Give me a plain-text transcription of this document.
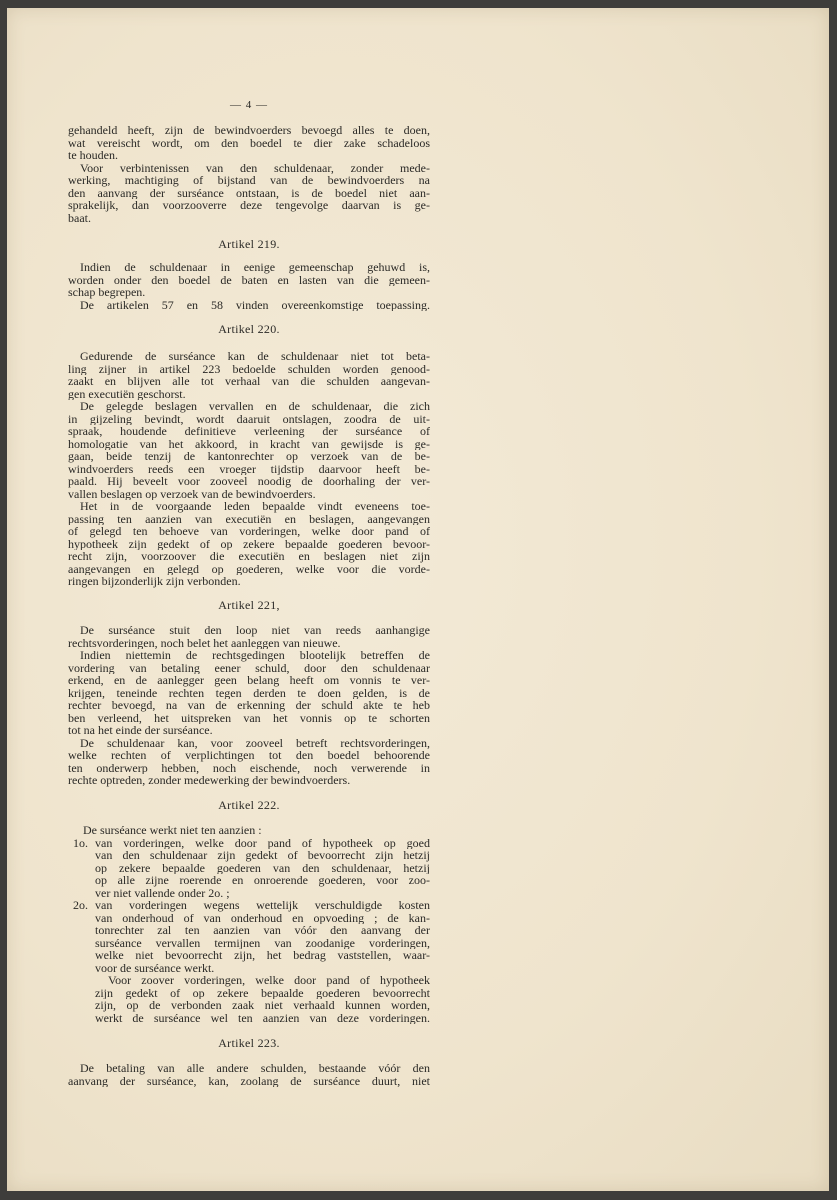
— 4 —
gehandeld heeft, zijn de bewindvoerders bevoegd alles te doen,
wat vereischt wordt, om den boedel te dier zake schadeloos
te houden.
Voor verbintenissen van den schuldenaar, zonder mede-
werking, machtiging of bijstand van de bewindvoerders na
den aanvang der surséance ontstaan, is de boedel niet aan-
sprakelijk, dan voorzooverre deze tengevolge daarvan is ge-
baat.
Artikel 219.
Indien de schuldenaar in eenige gemeenschap gehuwd is,
worden onder den boedel de baten en lasten van die gemeen-
schap begrepen.
De artikelen 57 en 58 vinden overeenkomstige toepassing.
Artikel 220.
Gedurende de surséance kan de schuldenaar niet tot beta-
ling zijner in artikel 223 bedoelde schulden worden genood-
zaakt en blijven alle tot verhaal van die schulden aangevan-
gen executiën geschorst.
De gelegde beslagen vervallen en de schuldenaar, die zich
in gijzeling bevindt, wordt daaruit ontslagen, zoodra de uit-
spraak, houdende definitieve verleening der surséance of
homologatie van het akkoord, in kracht van gewijsde is ge-
gaan, beide tenzij de kantonrechter op verzoek van de be-
windvoerders reeds een vroeger tijdstip daarvoor heeft be-
paald. Hij beveelt voor zooveel noodig de doorhaling der ver-
vallen beslagen op verzoek van de bewindvoerders.
Het in de voorgaande leden bepaalde vindt eveneens toe-
passing ten aanzien van executiën en beslagen, aangevangen
of gelegd ten behoeve van vorderingen, welke door pand of
hypotheek zijn gedekt of op zekere bepaalde goederen bevoor-
recht zijn, voorzoover die executiën en beslagen niet zijn
aangevangen en gelegd op goederen, welke voor die vorde-
ringen bijzonderlijk zijn verbonden.
Artikel 221,
De surséance stuit den loop niet van reeds aanhangige
rechtsvorderingen, noch belet het aanleggen van nieuwe.
Indien niettemin de rechtsgedingen blootelijk betreffen de
vordering van betaling eener schuld, door den schuldenaar
erkend, en de aanlegger geen belang heeft om vonnis te ver-
krijgen, teneinde rechten tegen derden te doen gelden, is de
rechter bevoegd, na van de erkenning der schuld akte te heb
ben verleend, het uitspreken van het vonnis op te schorten
tot na het einde der surséance.
De schuldenaar kan, voor zooveel betreft rechtsvorderingen,
welke rechten of verplichtingen tot den boedel behoorende
ten onderwerp hebben, noch eischende, noch verwerende in
rechte optreden, zonder medewerking der bewindvoerders.
Artikel 222.
De surséance werkt niet ten aanzien :
1o. van vorderingen, welke door pand of hypotheek op goed
van den schuldenaar zijn gedekt of bevoorrecht zijn hetzij
op zekere bepaalde goederen van den schuldenaar, hetzij
op alle zijne roerende en onroerende goederen, voor zoo-
ver niet vallende onder 2o. ;
2o. van vorderingen wegens wettelijk verschuldigde kosten
van onderhoud of van onderhoud en opvoeding ; de kan-
tonrechter zal ten aanzien van vóór den aanvang der
surséance vervallen termijnen van zoodanige vorderingen,
welke niet bevoorrecht zijn, het bedrag vaststellen, waar-
voor de surséance werkt.
Voor zoover vorderingen, welke door pand of hypotheek
zijn gedekt of op zekere bepaalde goederen bevoorrecht
zijn, op de verbonden zaak niet verhaald kunnen worden,
werkt de surséance wel ten aanzien van deze vorderingen.
Artikel 223.
De betaling van alle andere schulden, bestaande vóór den
aanvang der surséance, kan, zoolang de surséance duurt, niet
